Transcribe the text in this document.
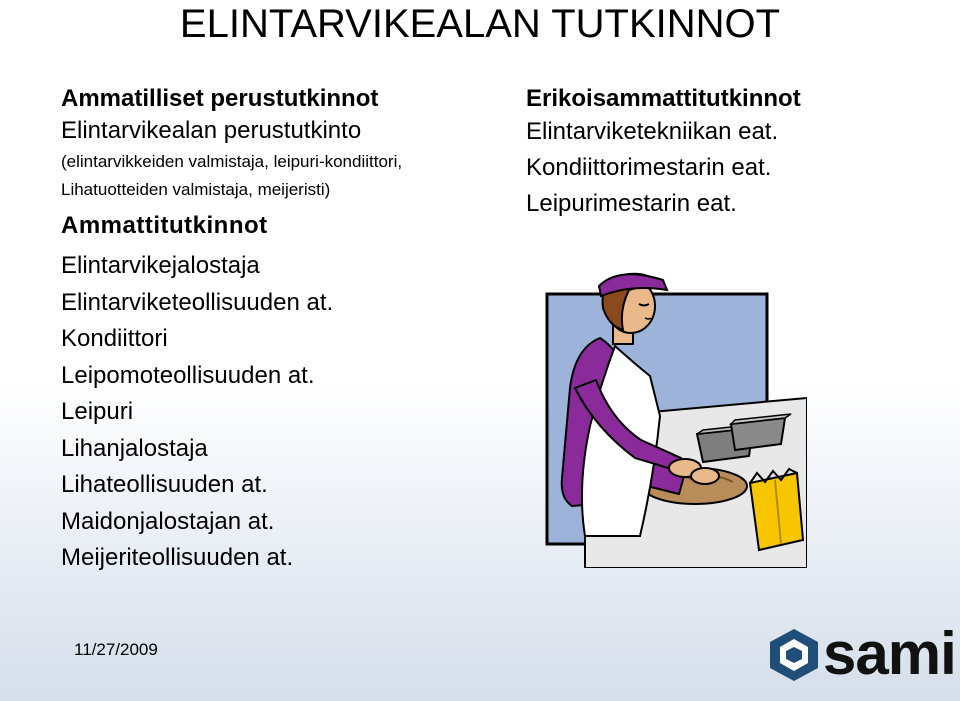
ELINTARVIKEALAN TUTKINNOT

Ammatilliset perustutkinnot

Elintarvikealan perustutkinto

(elintarvikkeiden valmistaja, leipuri-kondiittori,

Lihatuotteiden valmistaja, meijeristi)

Ammattitutkinnot

Elintarvikejalostaja

Elintarviketeollisuuden at.

Kondiittori

Leipomoteollisuuden at.

Leipuri

Lihanjalostaja

Lihateollisuuden at.

Maidonjalostajan at.

Meijeriteollisuuden at.

Erikoisammattitutkinnot

Elintarviketekniikan eat.

Kondiittorimestarin eat.

Leipurimestarin eat.

11/27/2009	sami
